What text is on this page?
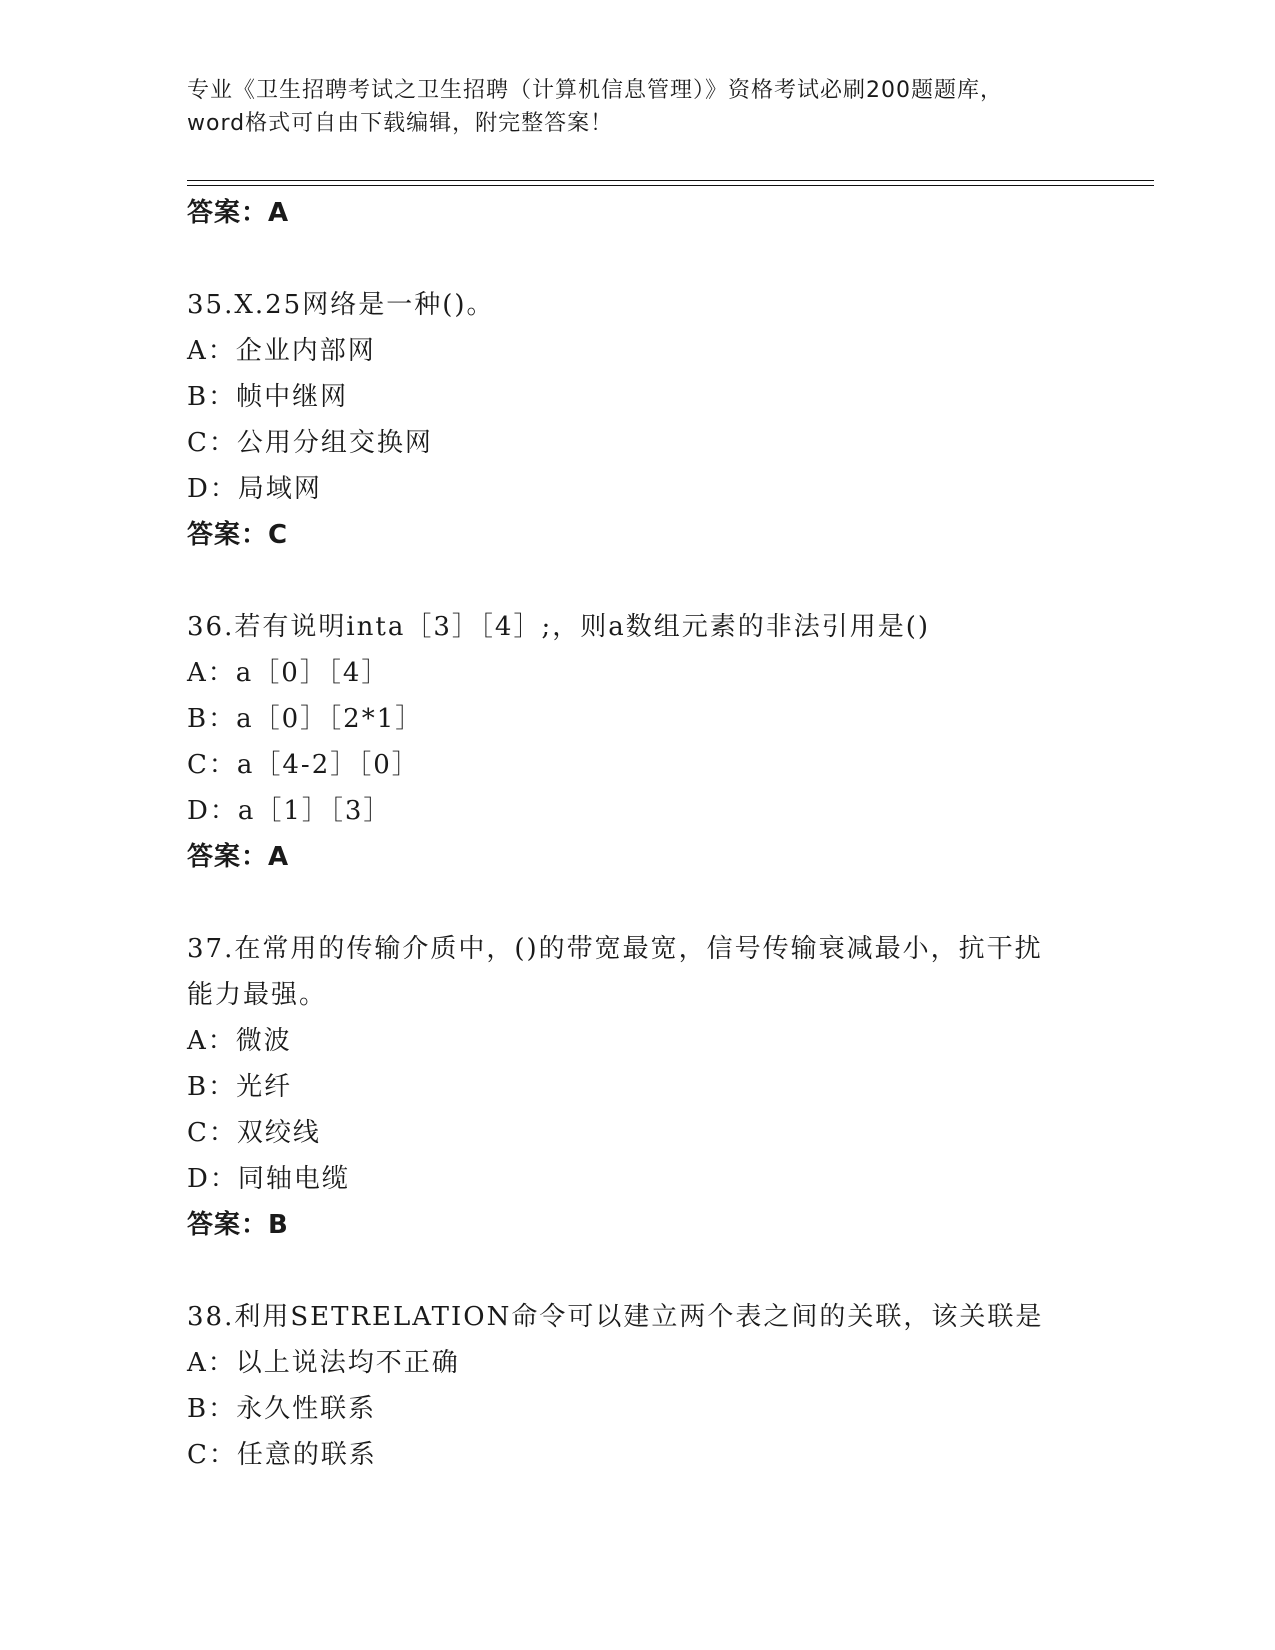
专业《卫生招聘考试之卫生招聘（计算机信息管理）》资格考试必刷200题题库，
word格式可自由下载编辑，附完整答案！
答案：A
35.X.25网络是一种()。
A：企业内部网
B：帧中继网
C：公用分组交换网
D：局域网
答案：C
36.若有说明inta［3］［4］;，则a数组元素的非法引用是()
A：a［0］［4］
B：a［0］［2*1］
C：a［4-2］［0］
D：a［1］［3］
答案：A
37.在常用的传输介质中，()的带宽最宽，信号传输衰减最小，抗干扰能力最强。
A：微波
B：光纤
C：双绞线
D：同轴电缆
答案：B
38.利用SETRELATION命令可以建立两个表之间的关联，该关联是
A：以上说法均不正确
B：永久性联系
C：任意的联系
